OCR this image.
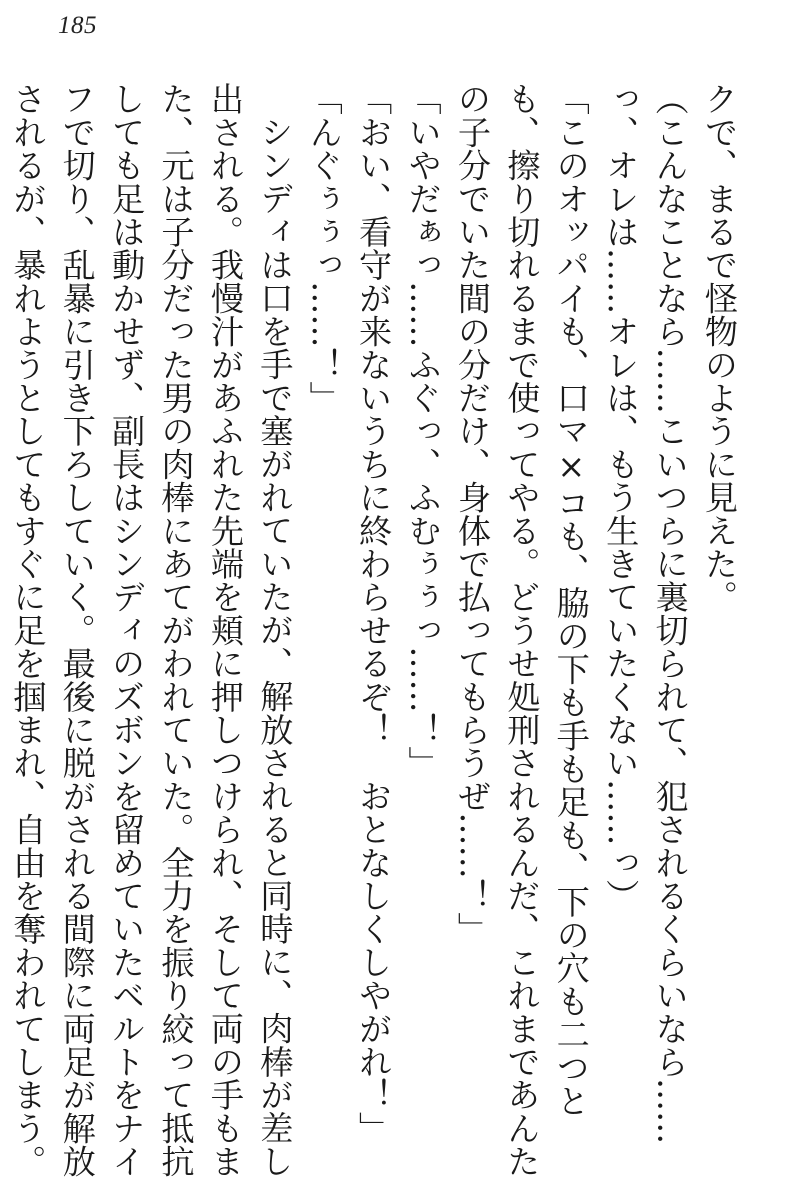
185

クで、まるで怪物のように見えた。

（こんなことなら……こいつらに裏切られて、犯されるくらいなら……っ、オレは……オレは、もう生きていたくない……っ）

「このオッパイも、口マ×コも、脇の下も手も足も、下の穴も二つとも、擦り切れるまで使ってやる。どうせ処刑されるんだ、これまであんたの子分でいた間の分だけ、身体で払ってもらうぜ……！」

「いやだぁっ……ふぐっ、ふむぅぅっ……！」

「おい、看守が来ないうちに終わらせるぞ！　おとなしくしやがれ！」

「んぐぅぅっ……！」

シンディは口を手で塞がれていたが、解放されると同時に、肉棒が差し出される。我慢汁があふれた先端を頬に押しつけられ、そして両の手もまた、元は子分だった男の肉棒にあてがわれていた。全力を振り絞って抵抗しても足は動かせず、副長はシンディのズボンを留めていたベルトをナイフで切り、乱暴に引き下ろしていく。最後に脱がされる間際に両足が解放されるが、暴れようとしてもすぐに足を掴まれ、自由を奪われてしまう。
